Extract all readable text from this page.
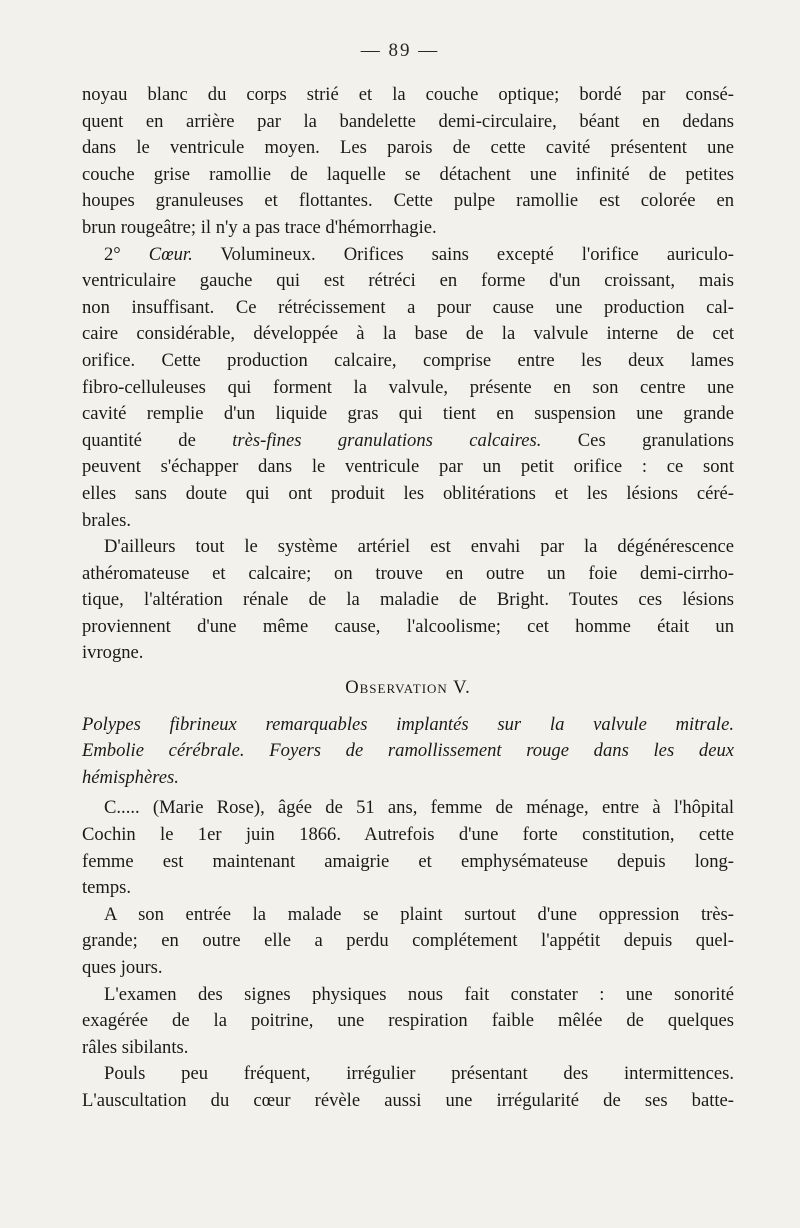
— 89 —
noyau blanc du corps strié et la couche optique; bordé par consé-
quent en arrière par la bandelette demi-circulaire, béant en dedans
dans le ventricule moyen. Les parois de cette cavité présentent une
couche grise ramollie de laquelle se détachent une infinité de petites
houpes granuleuses et flottantes. Cette pulpe ramollie est colorée en
brun rougeâtre; il n'y a pas trace d'hémorrhagie.
2° Cœur. Volumineux. Orifices sains excepté l'orifice auriculo-
ventriculaire gauche qui est rétréci en forme d'un croissant, mais
non insuffisant. Ce rétrécissement a pour cause une production cal-
caire considérable, développée à la base de la valvule interne de cet
orifice. Cette production calcaire, comprise entre les deux lames
fibro-celluleuses qui forment la valvule, présente en son centre une
cavité remplie d'un liquide gras qui tient en suspension une grande
quantité de très-fines granulations calcaires. Ces granulations
peuvent s'échapper dans le ventricule par un petit orifice : ce sont
elles sans doute qui ont produit les oblitérations et les lésions céré-
brales.
D'ailleurs tout le système artériel est envahi par la dégénérescence
athéromateuse et calcaire; on trouve en outre un foie demi-cirrho-
tique, l'altération rénale de la maladie de Bright. Toutes ces lésions
proviennent d'une même cause, l'alcoolisme; cet homme était un
ivrogne.
Observation V.
Polypes fibrineux remarquables implantés sur la valvule mitrale.
Embolie cérébrale. Foyers de ramollissement rouge dans les deux
hémisphères.
C..... (Marie Rose), âgée de 51 ans, femme de ménage, entre à l'hôpital
Cochin le 1er juin 1866. Autrefois d'une forte constitution, cette
femme est maintenant amaigrie et emphysémateuse depuis long-
temps.
A son entrée la malade se plaint surtout d'une oppression très-
grande; en outre elle a perdu complétement l'appétit depuis quel-
ques jours.
L'examen des signes physiques nous fait constater : une sonorité
exagérée de la poitrine, une respiration faible mêlée de quelques
râles sibilants.
Pouls peu fréquent, irrégulier présentant des intermittences.
L'auscultation du cœur révèle aussi une irrégularité de ses batte-
